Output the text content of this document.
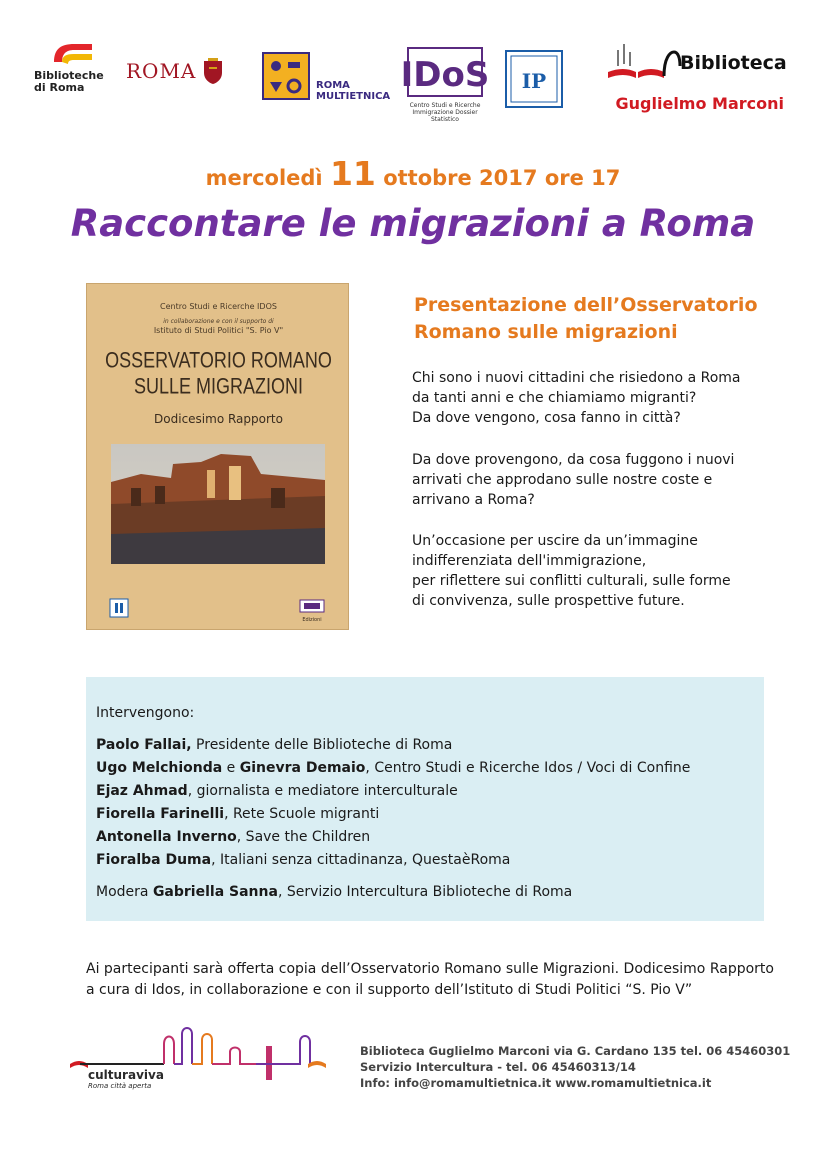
Biblioteche
di Roma
ROMA
ROMA
MULTIETNICA
IDoS
Centro Studi e Ricerche
Immigrazione Dossier Statistico
IP
Biblioteca
Guglielmo Marconi
mercoledì 11 ottobre 2017 ore 17
Raccontare le migrazioni a Roma
Centro Studi e Ricerche IDOS
in collaborazione e con il supporto di
Istituto di Studi Politici "S. Pio V"
OSSERVATORIO ROMANO
SULLE MIGRAZIONI
Dodicesimo Rapporto
Edizioni
Presentazione dell’Osservatorio
Romano sulle migrazioni
Chi sono i nuovi cittadini che risiedono a Roma
da tanti anni e che chiamiamo migranti?
Da dove vengono, cosa fanno in città?
Da dove provengono, da cosa fuggono i nuovi
arrivati che approdano sulle nostre coste e
arrivano a Roma?
Un’occasione per uscire da un’immagine
indifferenziata dell'immigrazione,
per riflettere sui conflitti culturali, sulle forme
di convivenza, sulle prospettive future.
Intervengono:
Paolo Fallai, Presidente delle Biblioteche di Roma
Ugo Melchionda e Ginevra Demaio, Centro Studi e Ricerche Idos / Voci di Confine
Ejaz Ahmad, giornalista e mediatore interculturale
Fiorella Farinelli, Rete Scuole migranti
Antonella Inverno, Save the Children
Fioralba Duma, Italiani senza cittadinanza, QuestaèRoma
Modera Gabriella Sanna, Servizio Intercultura Biblioteche di Roma
Ai partecipanti sarà offerta copia dell’Osservatorio Romano sulle Migrazioni. Dodicesimo Rapporto
a cura di Idos, in collaborazione e con il supporto dell’Istituto di Studi Politici “S. Pio V”
culturaviva
Roma città aperta
Biblioteca Guglielmo Marconi via G. Cardano 135 tel. 06 45460301
Servizio Intercultura - tel. 06 45460313/14
Info: info@romamultietnica.it www.romamultietnica.it
